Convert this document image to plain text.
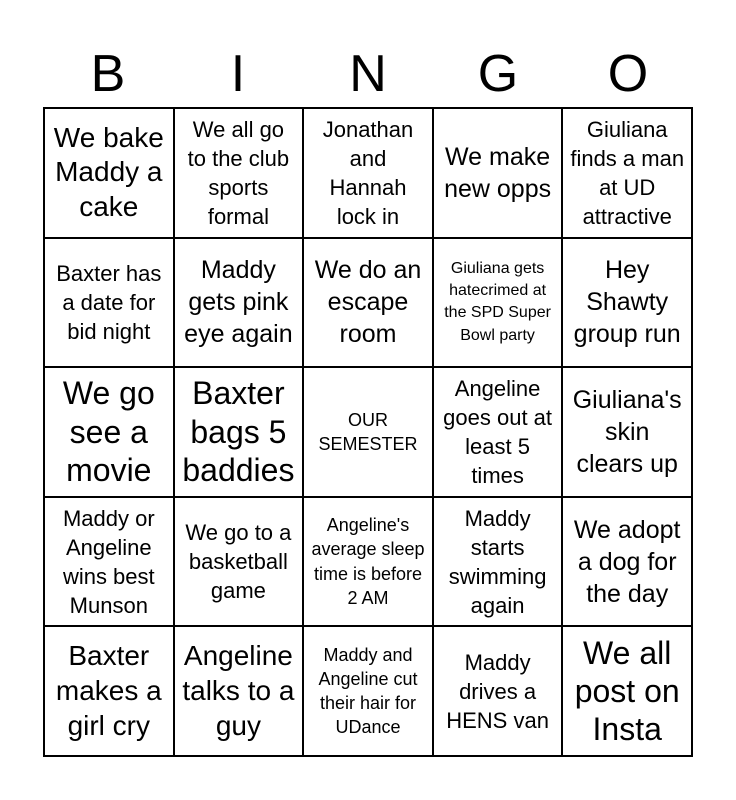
B	I	N	G	O
We bake Maddy a cake
We all go to the club sports formal
Jonathan and Hannah lock in
We make new opps
Giuliana finds a man at UD attractive
Baxter has a date for bid night
Maddy gets pink eye again
We do an escape room
Giuliana gets hatecrimed at the SPD Super Bowl party
Hey Shawty group run
We go see a movie
Baxter bags 5 baddies
OUR SEMESTER
Angeline goes out at least 5 times
Giuliana's skin clears up
Maddy or Angeline wins best Munson
We go to a basketball game
Angeline's average sleep time is before 2 AM
Maddy starts swimming again
We adopt a dog for the day
Baxter makes a girl cry
Angeline talks to a guy
Maddy and Angeline cut their hair for UDance
Maddy drives a HENS van
We all post on Insta
